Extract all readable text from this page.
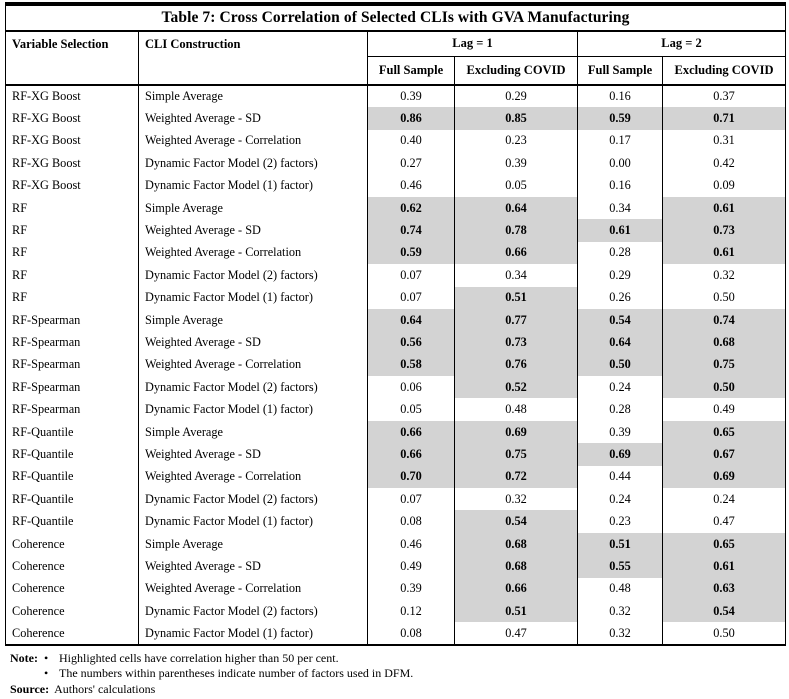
Table 7: Cross Correlation of Selected CLIs with GVA Manufacturing					
Variable Selection	CLI Construction	Lag = 1		Lag = 2	
		Full Sample	Excluding COVID	Full Sample	Excluding COVID
RF-XG Boost	Simple Average	0.39	0.29	0.16	0.37
RF-XG Boost	Weighted Average - SD	0.86	0.85	0.59	0.71
RF-XG Boost	Weighted Average - Correlation	0.40	0.23	0.17	0.31
RF-XG Boost	Dynamic Factor Model (2) factors)	0.27	0.39	0.00	0.42
RF-XG Boost	Dynamic Factor Model (1) factor)	0.46	0.05	0.16	0.09
RF	Simple Average	0.62	0.64	0.34	0.61
RF	Weighted Average - SD	0.74	0.78	0.61	0.73
RF	Weighted Average - Correlation	0.59	0.66	0.28	0.61
RF	Dynamic Factor Model (2) factors)	0.07	0.34	0.29	0.32
RF	Dynamic Factor Model (1) factor)	0.07	0.51	0.26	0.50
RF-Spearman	Simple Average	0.64	0.77	0.54	0.74
RF-Spearman	Weighted Average - SD	0.56	0.73	0.64	0.68
RF-Spearman	Weighted Average - Correlation	0.58	0.76	0.50	0.75
RF-Spearman	Dynamic Factor Model (2) factors)	0.06	0.52	0.24	0.50
RF-Spearman	Dynamic Factor Model (1) factor)	0.05	0.48	0.28	0.49
RF-Quantile	Simple Average	0.66	0.69	0.39	0.65
RF-Quantile	Weighted Average - SD	0.66	0.75	0.69	0.67
RF-Quantile	Weighted Average - Correlation	0.70	0.72	0.44	0.69
RF-Quantile	Dynamic Factor Model (2) factors)	0.07	0.32	0.24	0.24
RF-Quantile	Dynamic Factor Model (1) factor)	0.08	0.54	0.23	0.47
Coherence	Simple Average	0.46	0.68	0.51	0.65
Coherence	Weighted Average - SD	0.49	0.68	0.55	0.61
Coherence	Weighted Average - Correlation	0.39	0.66	0.48	0.63
Coherence	Dynamic Factor Model (2) factors)	0.12	0.51	0.32	0.54
Coherence	Dynamic Factor Model (1) factor)	0.08	0.47	0.32	0.50
Note: • Highlighted cells have correlation higher than 50 per cent.
• The numbers within parentheses indicate number of factors used in DFM.
Source: Authors' calculations
